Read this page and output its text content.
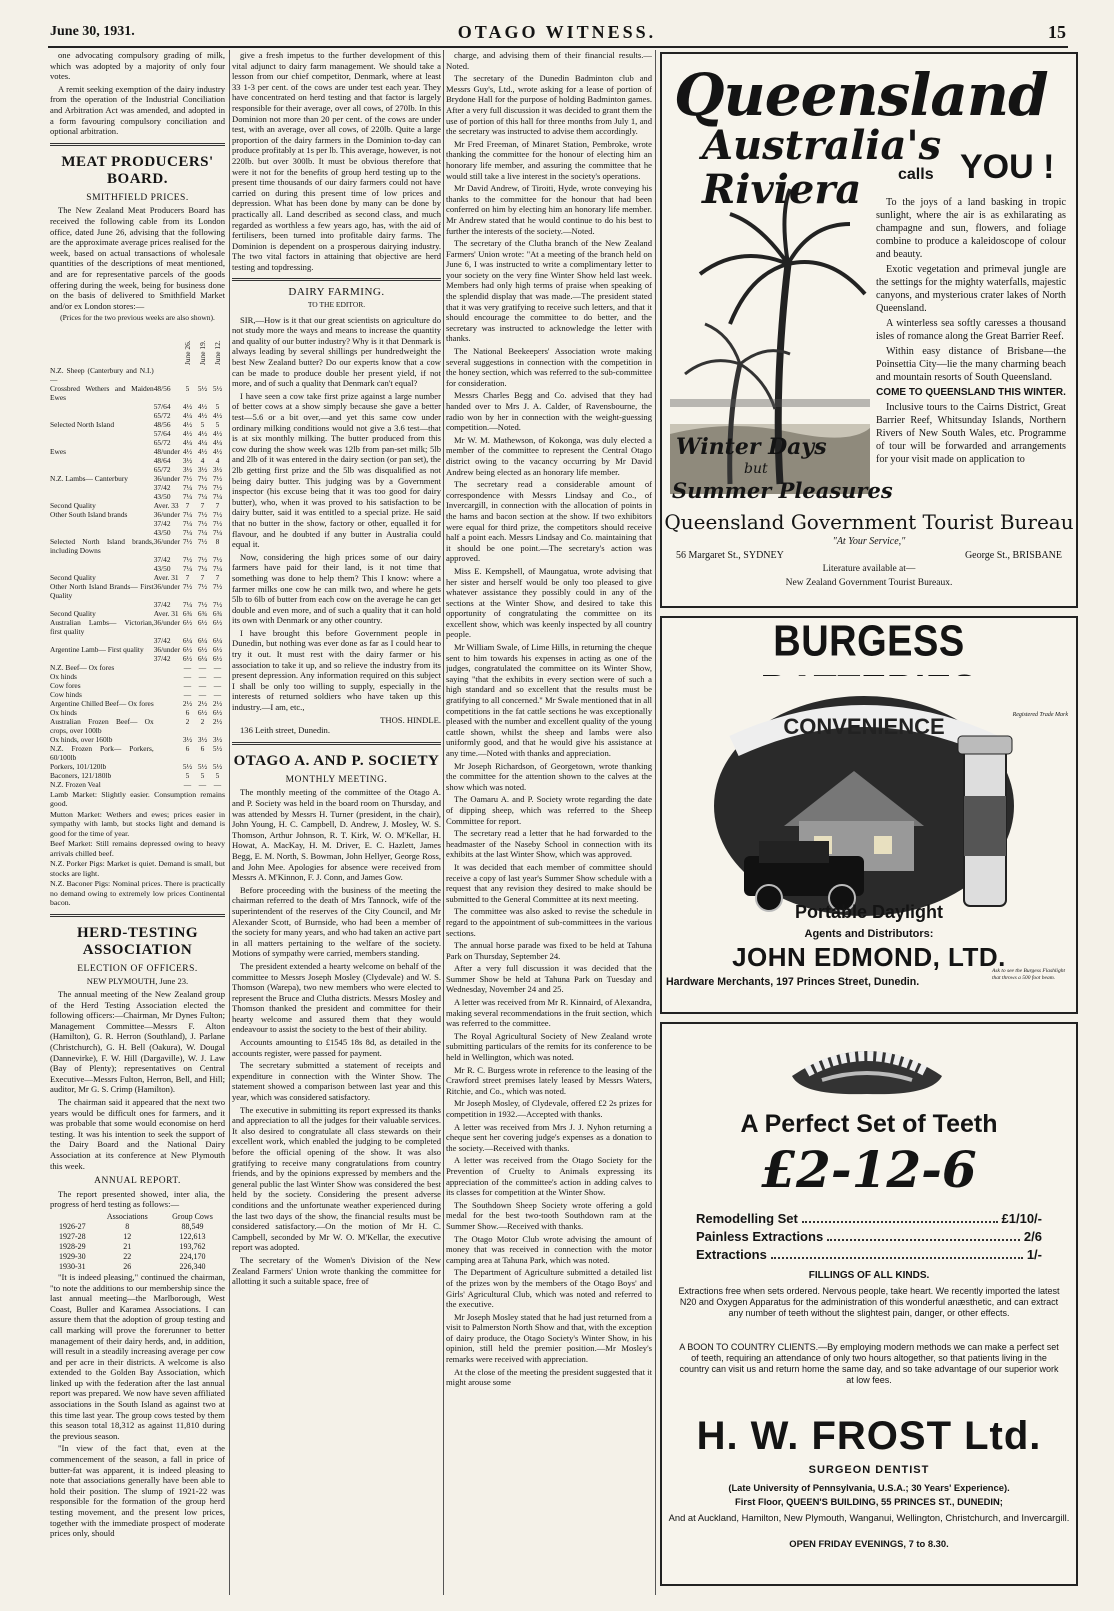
June 30, 1931.	OTAGO WITNESS.	15

one advocating compulsory grading of milk, which was adopted by a majority of only four votes.

A remit seeking exemption of the dairy industry from the operation of the Industrial Conciliation and Arbitration Act was amended, and adopted in a form favouring compulsory conciliation and optional arbitration.

MEAT PRODUCERS' BOARD.
SMITHFIELD PRICES.

The New Zealand Meat Producers Board has received the following cable from its London office, dated June 26, advising that the following are the approximate average prices realised for the week, based on actual transactions of wholesale quantities of the descriptions of meat mentioned, and are for representative parcels of the goods offering during the week, being for business done on the basis of delivered to Smithfield Market and/or ex London stores:—

(Prices for the two previous weeks are also shown).
		June 26.	June 19.	June 12.
N.Z. Sheep (Canterbury and N.I.)—				
Crossbred Wethers and Maiden Ewes	48/56	5	5½	5½
	57/64	4½	4½	5
	65/72	4¼	4½	4½
Selected North Island	48/56	4½	5	5
	57/64	4½	4½	4½
	65/72	4¼	4¼	4¼
Ewes	48/under	4½	4½	4½
	48/64	3½	4	4
	65/72	3½	3½	3½
N.Z. Lambs— Canterbury	36/under	7½	7½	7½
	37/42	7¼	7½	7½
	43/50	7¼	7¼	7¼
Second Quality	Aver. 33	7	7	7
Other South Island brands	36/under	7¼	7½	7½
	37/42	7¼	7½	7½
	43/50	7¼	7¼	7¼
Selected North Island brands, including Downs	36/under	7½	7½	8
	37/42	7½	7½	7½
	43/50	7¼	7¼	7¼
Second Quality	Aver. 31	7	7	7
Other North Island Brands— First Quality	36/under	7½	7½	7½
	37/42	7¼	7½	7½
Second Quality	Aver. 31	6¾	6¾	6¾
Australian Lambs— Victorian, first quality	36/under	6½	6½	6½
	37/42	6¼	6¼	6¼
Argentine Lamb— First quality	36/under	6½	6½	6½
	37/42	6½	6¼	6½
N.Z. Beef— Ox fores		—	—	—
Ox hinds		—	—	—
Cow fores		—	—	—
Cow hinds		—	—	—
Argentine Chilled Beef— Ox fores		2½	2½	2½
Ox hinds		6	6½	6½
Australian Frozen Beef— Ox crops, over 100lb		2	2	2½
Ox hinds, over 160lb		3½	3½	3½
N.Z. Frozen Pork— Porkers, 60/100lb		6	6	5½
Porkers, 101/120lb		5½	5½	5½
Baconers, 121/180lb		5	5	5
N.Z. Frozen Veal		—	—	—
Lamb Market: Slightly easier. Consumption remains good.
Mutton Market: Wethers and ewes; prices easier in sympathy with lamb, but stocks light and demand is good for the time of year.
Beef Market: Still remains depressed owing to heavy arrivals chilled beef.
N.Z. Porker Pigs: Market is quiet. Demand is small, but stocks are light.
N.Z. Baconer Pigs: Nominal prices. There is practically no demand owing to extremely low prices Continental bacon.
HERD-TESTING ASSOCIATION
ELECTION OF OFFICERS.
NEW PLYMOUTH, June 23.

The annual meeting of the New Zealand group of the Herd Testing Association elected the following officers:—Chairman, Mr Dynes Fulton; Management Committee—Messrs F. Alton (Hamilton), G. R. Herron (Southland), J. Parlane (Christchurch), G. H. Bell (Oakura), W. Dougal (Dannevirke), F. W. Hill (Dargaville), W. J. Law (Bay of Plenty); representatives on Central Executive—Messrs Fulton, Herron, Bell, and Hill; auditor, Mr G. S. Crimp (Hamilton).

The chairman said it appeared that the next two years would be difficult ones for farmers, and it was probable that some would economise on herd testing. It was his intention to seek the support of the Dairy Board and the National Dairy Association at its conference at New Plymouth this week.

ANNUAL REPORT.

The report presented showed, inter alia, the progress of herd testing as follows:—

	Associations	Group Cows
1926-27	8	88,549
1927-28	12	122,613
1928-29	21	193,762
1929-30	22	224,170
1930-31	26	226,340

"It is indeed pleasing," continued the chairman, "to note the additions to our membership since the last annual meeting—the Marlborough, West Coast, Buller and Karamea Associations. I can assure them that the adoption of group testing and call marking will prove the forerunner to better management of their dairy herds, and, in addition, will result in a steadily increasing average per cow and per acre in their districts. A welcome is also extended to the Golden Bay Association, which linked up with the federation after the last annual report was prepared. We now have seven affiliated associations in the South Island as against two at this time last year. The group cows tested by them this season total 18,312 as against 11,810 during the previous season.

"In view of the fact that, even at the commencement of the season, a fall in price of butter-fat was apparent, it is indeed pleasing to note that associations generally have been able to hold their position. The slump of 1921-22 was responsible for the formation of the group herd testing movement, and the present low prices, together with the immediate prospect of moderate prices only, should

give a fresh impetus to the further development of this vital adjunct to dairy farm management. We should take a lesson from our chief competitor, Denmark, where at least 33 1-3 per cent. of the cows are under test each year. They have concentrated on herd testing and that factor is largely responsible for their average, over all cows, of 270lb. In this Dominion not more than 20 per cent. of the cows are under test, with an average, over all cows, of 220lb. Quite a large proportion of the dairy farmers in the Dominion to-day can produce profitably at 1s per lb. This average, however, is not 220lb. but over 300lb. It must be obvious therefore that were it not for the benefits of group herd testing up to the present time thousands of our dairy farmers could not have carried on during this present time of low prices and depression. What has been done by many can be done by practically all. Land described as second class, and much regarded as worthless a few years ago, has, with the aid of fertilisers, been turned into profitable dairy farms. The Dominion is dependent on a prosperous dairying industry. The two vital factors in attaining that objective are herd testing and topdressing.

DAIRY FARMING.
TO THE EDITOR.

SIR,—How is it that our great scientists on agriculture do not study more the ways and means to increase the quantity and quality of our butter industry? Why is it that Denmark is always leading by several shillings per hundredweight the best New Zealand butter? Do our experts know that a cow can be made to produce double her present yield, if not more, and of such a quality that Denmark can't equal?

I have seen a cow take first prize against a large number of better cows at a show simply because she gave a better test—5.6 or a bit over,—and yet this same cow under ordinary milking conditions would not give a 3.6 test—that is at six monthly milking. The butter produced from this cow during the show week was 12lb from pan-set milk; 5lb and 2lb of it was entered in the dairy section (or pan set), the 2lb getting first prize and the 5lb was disqualified as not being dairy butter. This judging was by a Government inspector (his excuse being that it was too good for dairy butter), who, when it was proved to his satisfaction to be dairy butter, said it was entitled to a special prize. He said that no butter in the show, factory or other, equalled it for flavour, and he doubted if any butter in Australia could equal it.

Now, considering the high prices some of our dairy farmers have paid for their land, is it not time that something was done to help them? This I know: where a farmer milks one cow he can milk two, and where he gets 5lb to 6lb of butter from each cow on the average he can get double and even more, and of such a quality that it can hold its own with Denmark or any other country.

I have brought this before Government people in Dunedin, but nothing was ever done as far as I could hear to try it out. It must rest with the dairy farmer or his association to take it up, and so relieve the industry from its present depression. Any information required on this subject I shall be only too willing to supply, especially in the interests of returned soldiers who have taken up this industry.—I am, etc.,

THOS. HINDLE.
136 Leith street, Dunedin.
OTAGO A. AND P. SOCIETY
MONTHLY MEETING.

The monthly meeting of the committee of the Otago A. and P. Society was held in the board room on Thursday, and was attended by Messrs H. Turner (president, in the chair), John Young, H. C. Campbell, D. Andrew, J. Mosley, W. S. Thomson, Arthur Johnson, R. T. Kirk, W. O. M'Kellar, H. Howat, A. MacKay, H. M. Driver, E. C. Hazlett, James Begg, E. M. North, S. Bowman, John Hellyer, George Ross, and John Mee. Apologies for absence were received from Messrs A. M'Kinnon, F. J. Conn, and James Gow.

Before proceeding with the business of the meeting the chairman referred to the death of Mrs Tannock, wife of the superintendent of the reserves of the City Council, and Mr Alexander Scott, of Burnside, who had been a member of the society for many years, and who had taken an active part in all matters pertaining to the welfare of the society. Motions of sympathy were carried, members standing.

The president extended a hearty welcome on behalf of the committee to Messrs Joseph Mosley (Clydevale) and W. S. Thomson (Warepa), two new members who were elected to represent the Bruce and Clutha districts. Messrs Mosley and Thomson thanked the president and committee for their hearty welcome and assured them that they would endeavour to assist the society to the best of their ability.

Accounts amounting to £1545 18s 8d, as detailed in the accounts register, were passed for payment.

The secretary submitted a statement of receipts and expenditure in connection with the Winter Show. The statement showed a comparison between last year and this year, which was considered satisfactory.

The executive in submitting its report expressed its thanks and appreciation to all the judges for their valuable services. It also desired to congratulate all class stewards on their excellent work, which enabled the judging to be completed before the official opening of the show. It was also gratifying to receive many congratulations from country friends, and by the opinions expressed by members and the general public the last Winter Show was considered the best held by the society. Considering the present adverse conditions and the unfortunate weather experienced during the last two days of the show, the financial results must be considered satisfactory.—On the motion of Mr H. C. Campbell, seconded by Mr W. O. M'Kellar, the executive report was adopted.

The secretary of the Women's Division of the New Zealand Farmers' Union wrote thanking the committee for allotting it such a suitable space, free of

charge, and advising them of their financial results.—Noted.

The secretary of the Dunedin Badminton club and Messrs Guy's, Ltd., wrote asking for a lease of portion of Brydone Hall for the purpose of holding Badminton games. After a very full discussion it was decided to grant them the use of portion of this hall for three months from July 1, and the secretary was instructed to advise them accordingly.

Mr Fred Freeman, of Minaret Station, Pembroke, wrote thanking the committee for the honour of electing him an honorary life member, and assuring the committee that he would still take a live interest in the society's operations.

Mr David Andrew, of Tiroiti, Hyde, wrote conveying his thanks to the committee for the honour that had been conferred on him by electing him an honorary life member. Mr Andrew stated that he would continue to do his best to further the interests of the society.—Noted.

The secretary of the Clutha branch of the New Zealand Farmers' Union wrote: "At a meeting of the branch held on June 6, I was instructed to write a complimentary letter to your society on the very fine Winter Show held last week. Members had only high terms of praise when speaking of the splendid display that was made.—The president stated that it was very gratifying to receive such letters, and that it should encourage the committee to do better, and the secretary was instructed to acknowledge the letter with thanks.

The National Beekeepers' Association wrote making several suggestions in connection with the competition in the honey section, which was referred to the sub-committee for consideration.

Messrs Charles Begg and Co. advised that they had handed over to Mrs J. A. Calder, of Ravensbourne, the radio won by her in connection with the weight-guessing competition.—Noted.

Mr W. M. Mathewson, of Kokonga, was duly elected a member of the committee to represent the Central Otago district owing to the vacancy occurring by Mr David Andrew being elected as an honorary life member.

The secretary read a considerable amount of correspondence with Messrs Lindsay and Co., of Invercargill, in connection with the allocation of points in the hams and bacon section at the show. If two exhibitors were equal for third prize, the competitors should receive half a point each. Messrs Lindsay and Co. maintaining that it should be one point.—The secretary's action was approved.

Miss E. Kempshell, of Maungatua, wrote advising that her sister and herself would be only too pleased to give whatever assistance they possibly could in any of the sections at the Winter Show, and desired to take this opportunity of congratulating the committee on its excellent show, which was keenly inspected by all country people.

Mr William Swale, of Lime Hills, in returning the cheque sent to him towards his expenses in acting as one of the judges, congratulated the committee on its Winter Show, saying "that the exhibits in every section were of such a high standard and so excellent that the results must be gratifying to all concerned." Mr Swale mentioned that in all competitions in the fat cattle sections he was exceptionally pleased with the number and excellent quality of the young cattle shown, whilst the sheep and lambs were also uniformly good, and that he would give his assistance at any time.—Noted with thanks and appreciation.

Mr Joseph Richardson, of Georgetown, wrote thanking the committee for the attention shown to the calves at the show which was noted.

The Oamaru A. and P. Society wrote regarding the date of dipping sheep, which was referred to the Sheep Committee for report.

The secretary read a letter that he had forwarded to the headmaster of the Naseby School in connection with its exhibits at the last Winter Show, which was approved.

It was decided that each member of committee should receive a copy of last year's Summer Show schedule with a request that any revision they desired to make should be submitted to the General Committee at its next meeting.

The committee was also asked to revise the schedule in regard to the appointment of sub-committees in the various sections.

The annual horse parade was fixed to be held at Tahuna Park on Thursday, September 24.

After a very full discussion it was decided that the Summer Show be held at Tahuna Park on Tuesday and Wednesday, November 24 and 25.

A letter was received from Mr R. Kinnaird, of Alexandra, making several recommendations in the fruit section, which was referred to the committee.

The Royal Agricultural Society of New Zealand wrote submitting particulars of the remits for its conference to be held in Wellington, which was noted.

Mr R. C. Burgess wrote in reference to the leasing of the Crawford street premises lately leased by Messrs Waters, Ritchie, and Co., which was noted.

Mr Joseph Mosley, of Clydevale, offered £2 2s prizes for competition in 1932.—Accepted with thanks.

A letter was received from Mrs J. J. Nyhon returning a cheque sent her covering judge's expenses as a donation to the society.—Received with thanks.

A letter was received from the Otago Society for the Prevention of Cruelty to Animals expressing its appreciation of the committee's action in adding calves to its classes for competition at the Winter Show.

The Southdown Sheep Society wrote offering a gold medal for the best two-tooth Southdown ram at the Summer Show.—Received with thanks.

The Otago Motor Club wrote advising the amount of money that was received in connection with the motor camping area at Tahuna Park, which was noted.

The Department of Agriculture submitted a detailed list of the prizes won by the members of the Otago Boys' and Girls' Agricultural Club, which was noted and referred to the executive.

Mr Joseph Mosley stated that he had just returned from a visit to Palmerston North Show and that, with the exception of dairy produce, the Otago Society's Winter Show, in his opinion, still held the premier position.—Mr Mosley's remarks were received with appreciation.

At the close of the meeting the president suggested that it might arouse some

Queensland
Australia's Riviera	calls YOU !

To the joys of a land basking in tropic sunlight, where the air is as exhilarating as champagne and sun, flowers, and foliage combine to produce a kaleidoscope of colour and beauty.

Exotic vegetation and primeval jungle are the settings for the mighty waterfalls, majestic canyons, and mysterious crater lakes of North Queensland.

A winterless sea softly caresses a thousand isles of romance along the Great Barrier Reef.

Within easy distance of Brisbane—the Poinsettia City—lie the many charming beach and mountain resorts of South Queensland.

COME TO QUEENSLAND THIS WINTER.

Inclusive tours to the Cairns District, Great Barrier Reef, Whitsunday Islands, Northern Rivers of New South Wales, etc. Programme of tour will be forwarded and arrangements for your visit made on application to

Winter Days
but
Summer Pleasures
Queensland Government Tourist Bureau
"At Your Service,"
56 Margaret St., SYDNEY	George St., BRISBANE
Literature available at—
New Zealand Government Tourist Bureaux.
BURGESS
CONVENIENCE	Registered Trade Mark
Portable Daylight
Agents and Distributors:
JOHN EDMOND, LTD.
Hardware Merchants, 197 Princes Street, Dunedin.
Ask to see the Burgess Flashlight that throws a 500 foot beam.
A Perfect Set of Teeth
£2-12-6
Remodelling Set	£1/10/-
Painless Extractions	2/6
Extractions	1/-
FILLINGS OF ALL KINDS.
Extractions free when sets ordered. Nervous people, take heart. We recently imported the latest N20 and Oxygen Apparatus for the administration of this wonderful anæsthetic, and can extract any number of teeth without the slightest pain, danger, or other effects.
A BOON TO COUNTRY CLIENTS.—By employing modern methods we can make a perfect set of teeth, requiring an attendance of only two hours altogether, so that patients living in the country can visit us and return home the same day, and so take advantage of our superior work at low fees.
H. W. FROST Ltd.
SURGEON DENTIST
(Late University of Pennsylvania, U.S.A.; 30 Years' Experience).
First Floor, QUEEN'S BUILDING, 55 PRINCES ST., DUNEDIN;
And at Auckland, Hamilton, New Plymouth, Wanganui, Wellington, Christchurch, and Invercargill.
OPEN FRIDAY EVENINGS, 7 to 8.30.
